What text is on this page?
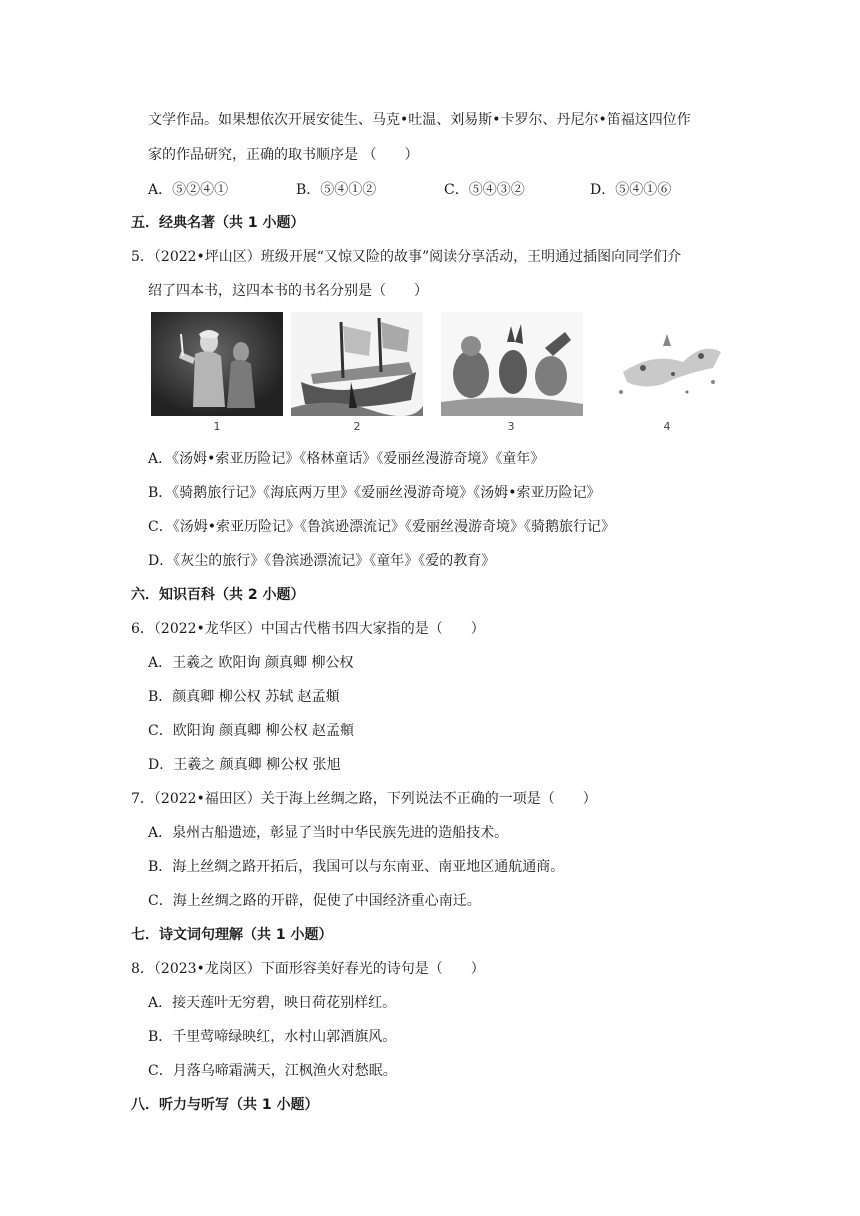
文学作品。如果想依次开展安徒生、马克•吐温、刘易斯•卡罗尔、丹尼尔•笛福这四位作
家的作品研究，正确的取书顺序是 （　　）
A．⑤②④①	B．⑤④①②	C．⑤④③②	D．⑤④①⑥
五．经典名著（共 1 小题）
5．（2022•坪山区）班级开展“又惊又险的故事”阅读分享活动，王明通过插图向同学们介
绍了四本书，这四本书的书名分别是（　　）
1	2	3	4
A．《汤姆•索亚历险记》《格林童话》《爱丽丝漫游奇境》《童年》
B．《骑鹅旅行记》《海底两万里》《爱丽丝漫游奇境》《汤姆•索亚历险记》
C．《汤姆•索亚历险记》《鲁滨逊漂流记》《爱丽丝漫游奇境》《骑鹅旅行记》
D．《灰尘的旅行》《鲁滨逊漂流记》《童年》《爱的教育》
六．知识百科（共 2 小题）
6．（2022•龙华区）中国古代楷书四大家指的是（　　）
A．王羲之 欧阳询 颜真卿 柳公权
B．颜真卿 柳公权 苏轼 赵孟頫
C．欧阳询 颜真卿 柳公权 赵孟頫
D．王羲之 颜真卿 柳公权 张旭
7．（2022•福田区）关于海上丝绸之路，下列说法不正确的一项是（　　）
A．泉州古船遗迹，彰显了当时中华民族先进的造船技术。
B．海上丝绸之路开拓后，我国可以与东南亚、南亚地区通航通商。
C．海上丝绸之路的开辟，促使了中国经济重心南迁。
七．诗文词句理解（共 1 小题）
8．（2023•龙岗区）下面形容美好春光的诗句是（　　）
A．接天莲叶无穷碧，映日荷花别样红。
B．千里莺啼绿映红，水村山郭酒旗风。
C．月落乌啼霜满天，江枫渔火对愁眠。
八．听力与听写（共 1 小题）
